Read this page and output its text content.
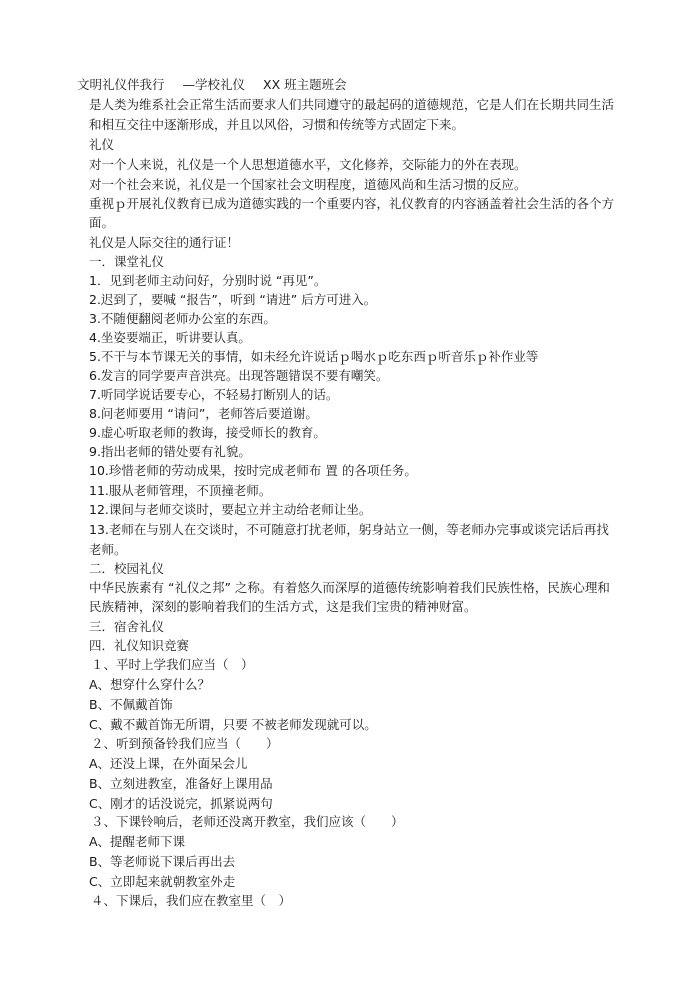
文明礼仪伴我行 —学校礼仪 XX 班主题班会
是人类为维系社会正常生活而要求人们共同遵守的最起码的道德规范，它是人们在长期共同生活
和相互交往中逐渐形成，并且以风俗，习惯和传统等方式固定下来。
礼仪
对一个人来说，礼仪是一个人思想道德水平，文化修养，交际能力的外在表现。
对一个社会来说，礼仪是一个国家社会文明程度，道德风尚和生活习惯的反应。
重视ｐ开展礼仪教育已成为道德实践的一个重要内容，礼仪教育的内容涵盖着社会生活的各个方
面。
礼仪是人际交往的通行证！
一．课堂礼仪
1．见到老师主动问好，分别时说 “再见”。
2.迟到了，要喊 “报告”，听到 “请进” 后方可进入。
3.不随便翻阅老师办公室的东西。
4.坐姿要端正，听讲要认真。
5.不干与本节课无关的事情，如未经允许说话ｐ喝水ｐ吃东西ｐ听音乐ｐ补作业等
6.发言的同学要声音洪亮。出现答题错误不要有嘲笑。
7.听同学说话要专心，不轻易打断别人的话。
8.问老师要用 “请问”，老师答后要道谢。
9.虚心听取老师的教诲，接受师长的教育。
9.指出老师的错处要有礼貌。
10.珍惜老师的劳动成果，按时完成老师布 置 的各项任务。
11.服从老师管理，不顶撞老师。
12.课间与老师交谈时，要起立并主动给老师让坐。
13.老师在与别人在交谈时，不可随意打扰老师，躬身站立一侧，等老师办完事或谈完话后再找
老师。
二．校园礼仪
中华民族素有 “礼仪之邦” 之称。有着悠久而深厚的道德传统影响着我们民族性格，民族心理和
民族精神，深刻的影响着我们的生活方式，这是我们宝贵的精神财富。
三．宿舍礼仪
四．礼仪知识竞赛
１、平时上学我们应当（　）
A、想穿什么穿什么？
B、不佩戴首饰
C、戴不戴首饰无所谓，只要 不被老师发现就可以。
２、听到预备铃我们应当（　　）
A、还没上课，在外面呆会儿
B、立刻进教室，准备好上课用品
C、刚才的话没说完，抓紧说两句
３、下课铃响后，老师还没离开教室，我们应该（　　）
A、提醒老师下课
B、等老师说下课后再出去
C、立即起来就朝教室外走
４、下课后，我们应在教室里（　）
